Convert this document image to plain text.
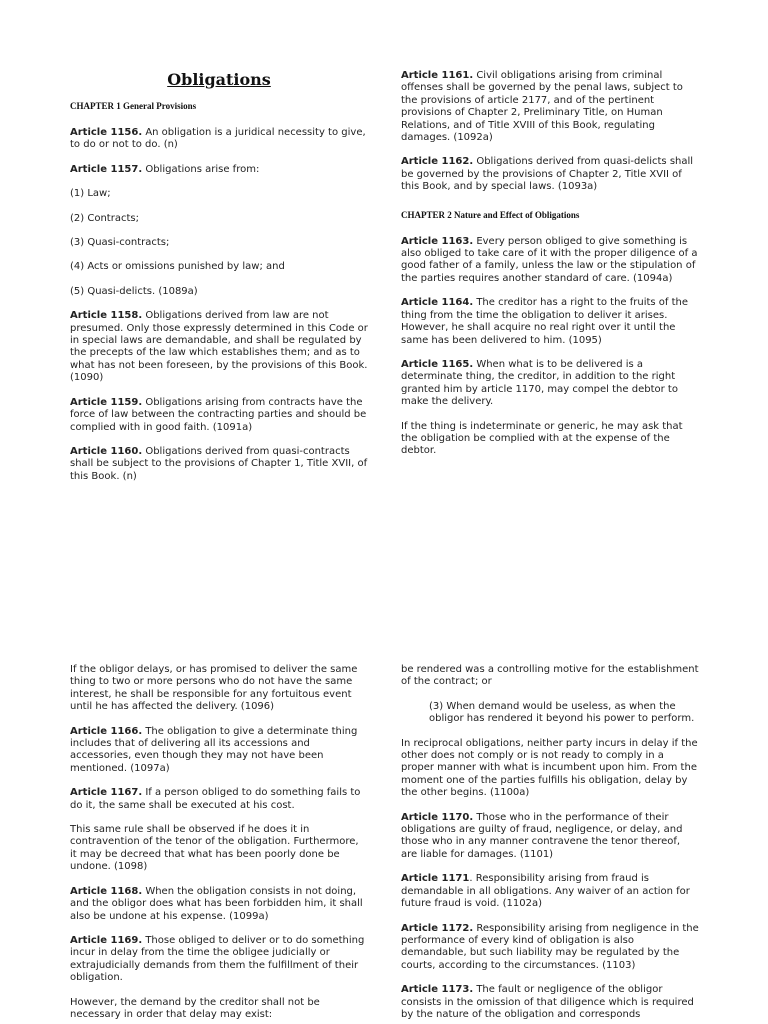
Obligations
CHAPTER 1 General Provisions

Article 1156. An obligation is a juridical necessity to give, to do or not to do. (n)

Article 1157. Obligations arise from:

(1) Law;

(2) Contracts;

(3) Quasi-contracts;

(4) Acts or omissions punished by law; and

(5) Quasi-delicts. (1089a)

Article 1158. Obligations derived from law are not presumed. Only those expressly determined in this Code or in special laws are demandable, and shall be regulated by the precepts of the law which establishes them; and as to what has not been foreseen, by the provisions of this Book. (1090)

Article 1159. Obligations arising from contracts have the force of law between the contracting parties and should be complied with in good faith. (1091a)

Article 1160. Obligations derived from quasi-contracts shall be subject to the provisions of Chapter 1, Title XVII, of this Book. (n)

Article 1161. Civil obligations arising from criminal offenses shall be governed by the penal laws, subject to the provisions of article 2177, and of the pertinent provisions of Chapter 2, Preliminary Title, on Human Relations, and of Title XVIII of this Book, regulating damages. (1092a)

Article 1162. Obligations derived from quasi-delicts shall be governed by the provisions of Chapter 2, Title XVII of this Book, and by special laws. (1093a)

CHAPTER 2 Nature and Effect of Obligations

Article 1163. Every person obliged to give something is also obliged to take care of it with the proper diligence of a good father of a family, unless the law or the stipulation of the parties requires another standard of care. (1094a)

Article 1164. The creditor has a right to the fruits of the thing from the time the obligation to deliver it arises. However, he shall acquire no real right over it until the same has been delivered to him. (1095)

Article 1165. When what is to be delivered is a determinate thing, the creditor, in addition to the right granted him by article 1170, may compel the debtor to make the delivery.

If the thing is indeterminate or generic, he may ask that the obligation be complied with at the expense of the debtor.

If the obligor delays, or has promised to deliver the same thing to two or more persons who do not have the same interest, he shall be responsible for any fortuitous event until he has affected the delivery. (1096)

Article 1166. The obligation to give a determinate thing includes that of delivering all its accessions and accessories, even though they may not have been mentioned. (1097a)

Article 1167. If a person obliged to do something fails to do it, the same shall be executed at his cost.

This same rule shall be observed if he does it in contravention of the tenor of the obligation. Furthermore, it may be decreed that what has been poorly done be undone. (1098)

Article 1168. When the obligation consists in not doing, and the obligor does what has been forbidden him, it shall also be undone at his expense. (1099a)

Article 1169. Those obliged to deliver or to do something incur in delay from the time the obligee judicially or extrajudicially demands from them the fulfillment of their obligation.

However, the demand by the creditor shall not be necessary in order that delay may exist:

be rendered was a controlling motive for the establishment of the contract; or

(3) When demand would be useless, as when the obligor has rendered it beyond his power to perform.

In reciprocal obligations, neither party incurs in delay if the other does not comply or is not ready to comply in a proper manner with what is incumbent upon him. From the moment one of the parties fulfills his obligation, delay by the other begins. (1100a)

Article 1170. Those who in the performance of their obligations are guilty of fraud, negligence, or delay, and those who in any manner contravene the tenor thereof, are liable for damages. (1101)

Article 1171. Responsibility arising from fraud is demandable in all obligations. Any waiver of an action for future fraud is void. (1102a)

Article 1172. Responsibility arising from negligence in the performance of every kind of obligation is also demandable, but such liability may be regulated by the courts, according to the circumstances. (1103)

Article 1173. The fault or negligence of the obligor consists in the omission of that diligence which is required by the nature of the obligation and corresponds
